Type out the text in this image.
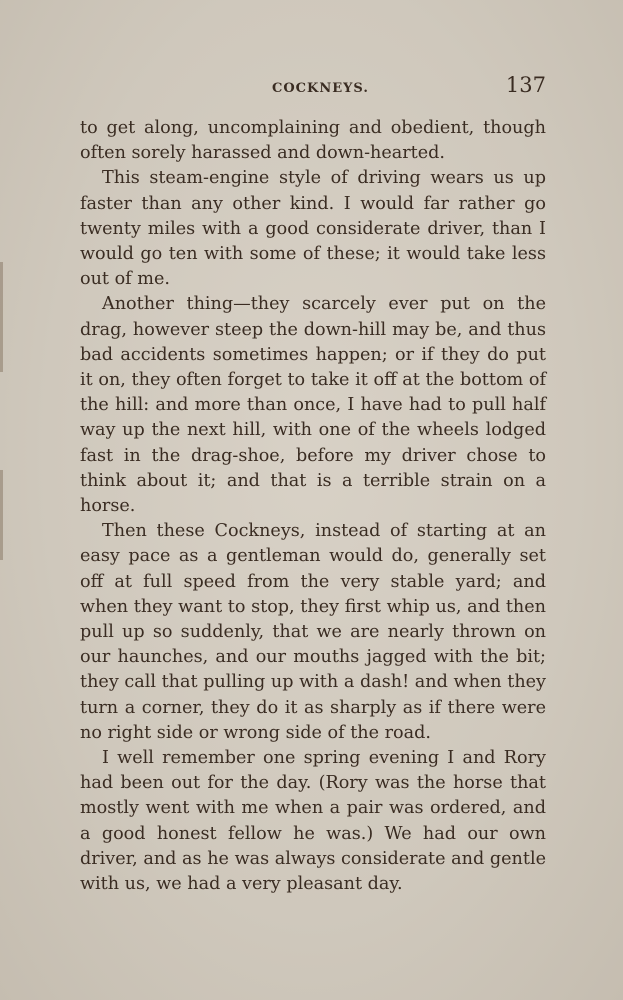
COCKNEYS.	137

to get along, uncomplaining and obedient, though often sorely harassed and down-hearted.

This steam-engine style of driving wears us up faster than any other kind. I would far rather go twenty miles with a good considerate driver, than I would go ten with some of these; it would take less out of me.

Another thing—they scarcely ever put on the drag, however steep the down-hill may be, and thus bad accidents sometimes happen; or if they do put it on, they often forget to take it off at the bottom of the hill: and more than once, I have had to pull half way up the next hill, with one of the wheels lodged fast in the drag-shoe, before my driver chose to think about it; and that is a terrible strain on a horse.

Then these Cockneys, instead of starting at an easy pace as a gentleman would do, generally set off at full speed from the very stable yard; and when they want to stop, they first whip us, and then pull up so suddenly, that we are nearly thrown on our haunches, and our mouths jagged with the bit; they call that pulling up with a dash! and when they turn a corner, they do it as sharply as if there were no right side or wrong side of the road.

I well remember one spring evening I and Rory had been out for the day. (Rory was the horse that mostly went with me when a pair was ordered, and a good honest fellow he was.) We had our own driver, and as he was always considerate and gentle with us, we had a very pleasant day.
